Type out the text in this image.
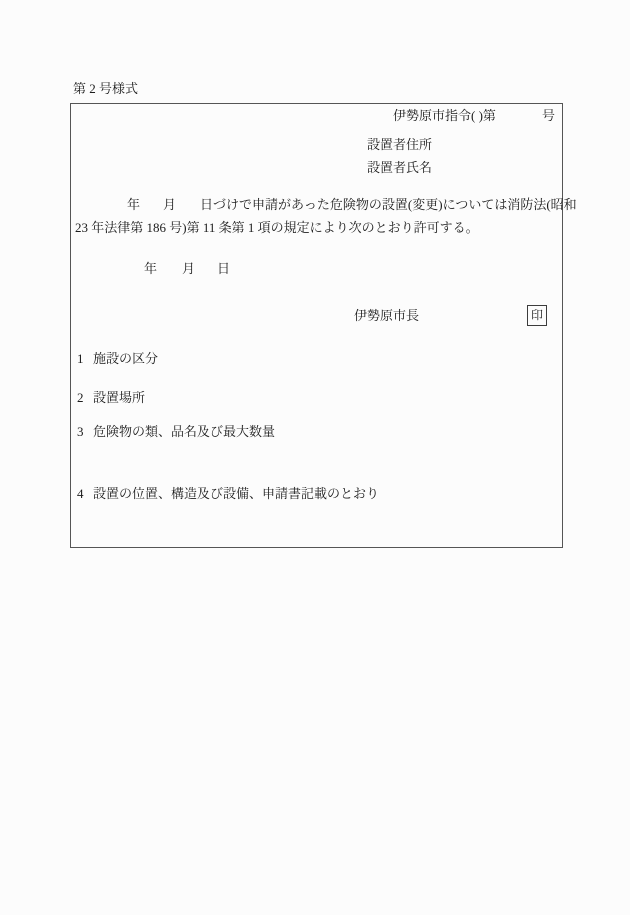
第 2 号様式
伊勢原市指令( )第	号
設置者住所
設置者氏名
年 月 日 づけで申請があった危険物の設置(変更)については消防法(昭和
23 年法律第 186 号)第 11 条第 1 項の規定により次のとおり許可する。
年 月 日
伊勢原市長	印
1 施設の区分
2 設置場所
3 危険物の類、品名及び最大数量
4 設置の位置、構造及び設備、申請書記載のとおり
